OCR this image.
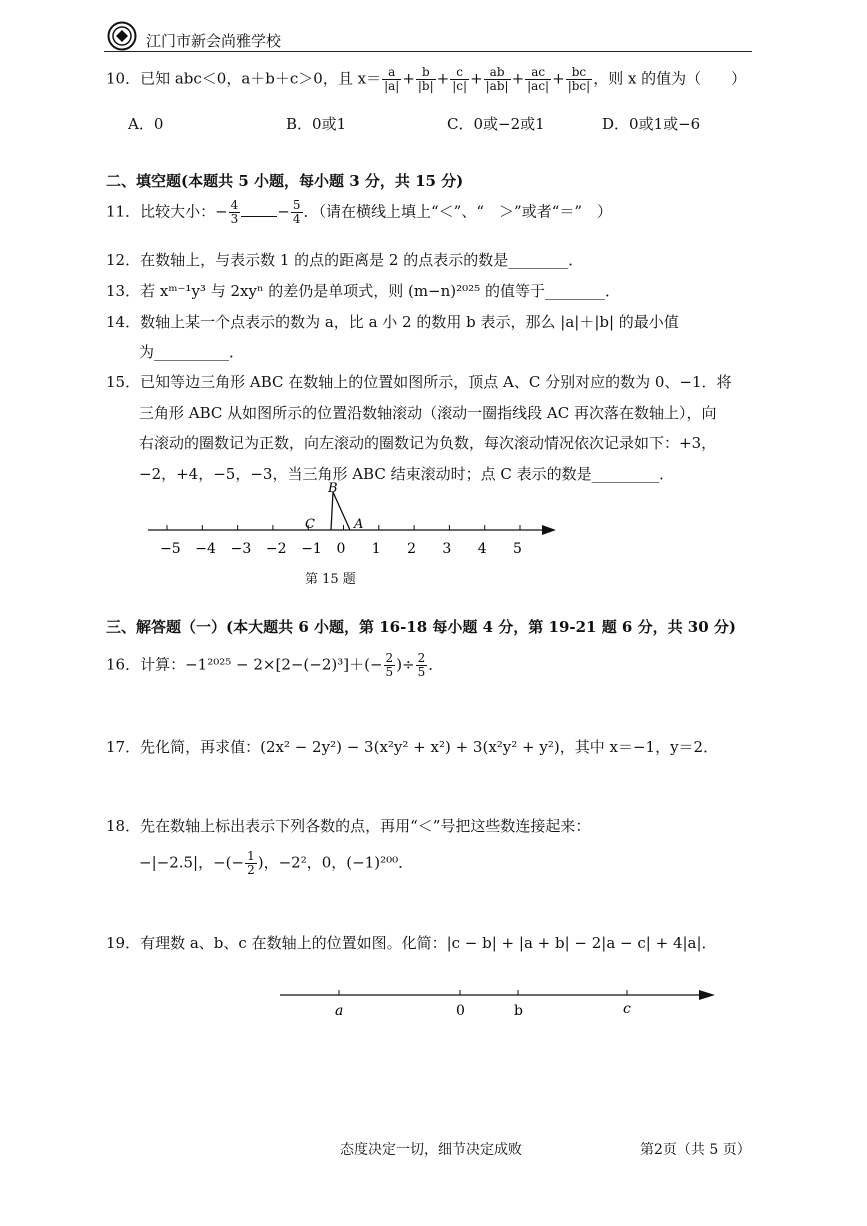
江门市新会尚雅学校
10．已知 abc＜0，a＋b＋c＞0，且 $x= \frac{a}{|a|} + \frac{b}{|b|} + \frac{c}{|c|} + \frac{ab}{|ab|} + \frac{ac}{|ac|} + \frac{bc}{|bc|}$ ，则 x 的值为（　　）
A．0	B．0或1	C．0或−2或1	D．0或1或−6
二、填空题(本题共 5 小题，每小题 3 分，共 15 分)
11．比较大小：− $\frac{4}{3} - \frac{5}{4}$ ．（请在横线上填上“＜”、“　＞”或者“＝”　）
12．在数轴上，与表示数 1 的点的距离是 2 的点表示的数是________．
13．若 xᵐ⁻¹y³ 与 2xyⁿ 的差仍是单项式，则 (m−n)²⁰²⁵ 的值等于________．
14．数轴上某一个点表示的数为 a，比 a 小 2 的数用 b 表示，那么 |a|＋|b| 的最小值
为__________．
15．已知等边三角形 ABC 在数轴上的位置如图所示，顶点 A、C 分别对应的数为 0、−1．将
三角形 ABC 从如图所示的位置沿数轴滚动（滚动一圈指线段 AC 再次落在数轴上），向
右滚动的圈数记为正数，向左滚动的圈数记为负数，每次滚动情况依次记录如下：+3，
−2，+4，−5，−3，当三角形 ABC 结束滚动时；点 C 表示的数是_________．
−5 −4 −3 −2 −1 0 1 2 3 4 5
B
C	A
第 15 题
三、解答题（一）(本大题共 6 小题，第 16-18 每小题 4 分，第 19-21 题 6 分，共 30 分)
16．计算：$-1^{2025} - 2\times[2-(-2)^3]+(- \frac{2}{5}$ )÷ $\frac{2}{5}$ ．
17．先化简，再求值：(2x² − 2y²) − 3(x²y² + x²) + 3(x²y² + y²)，其中 x＝−1，y＝2．
18．先在数轴上标出表示下列各数的点，再用“＜”号把这些数连接起来：
−|−2.5|，−(− $\frac{1}{2}$ )，−2²，0，(−1)²⁰⁰．
19．有理数 a、b、c 在数轴上的位置如图。化简：|c − b| + |a + b| − 2|a − c| + 4|a|．
a	0	b	c
态度决定一切，细节决定成败	第2页（共 5 页）
